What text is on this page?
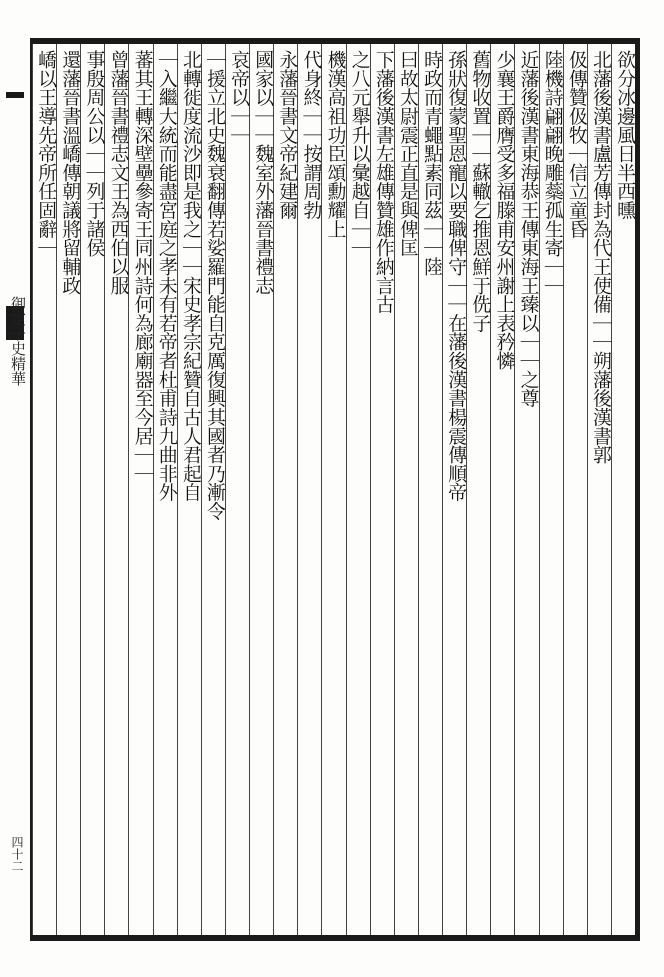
御定子史精華
四十二
欲分冰邊風日半西曛
北藩後漢書盧芳傳封為代王使備｜｜朔藩後漢書郭
伋傳贊伋牧｜信立童昏
陸機詩翩翩晚雕蘂孤生寄｜｜
近藩後漢書東海恭王傳東海王臻以｜｜之尊
少襄王爵膺受多福滕甫安州謝上表矜憐
舊物收置｜｜蘇轍乞推恩鮮于侁子
孫狀復蒙聖恩寵以要職俾守｜｜在藩後漢書楊震傳順帝
時政而青蠅點素同茲｜｜陸
曰故太尉震正直是與俾匡
下藩後漢書左雄傳贊雄作納言古
之八元舉升以彙越自｜｜
機漢高祖功臣頌勳耀上
代身終｜｜按謂周勃
永藩晉書文帝紀建爾
國家以｜｜魏室外藩晉書禮志
哀帝以｜｜
｜援立北史魏衰翻傳若娑羅門能自克厲復興其國者乃漸令
北轉徙度流沙即是我之｜｜宋史孝宗紀贊自古人君起自
｜入繼大統而能盡宮庭之孝未有若帝者杜甫詩九曲非外
蕃其王轉深壁壘參寄王同州詩何為廊廟器至今居｜｜
曾藩晉書禮志文王為西伯以服
事殷周公以｜｜列于諸侯
還藩晉書溫嶠傳朝議將留輔政
嶠以王導先帝所任固辭｜
